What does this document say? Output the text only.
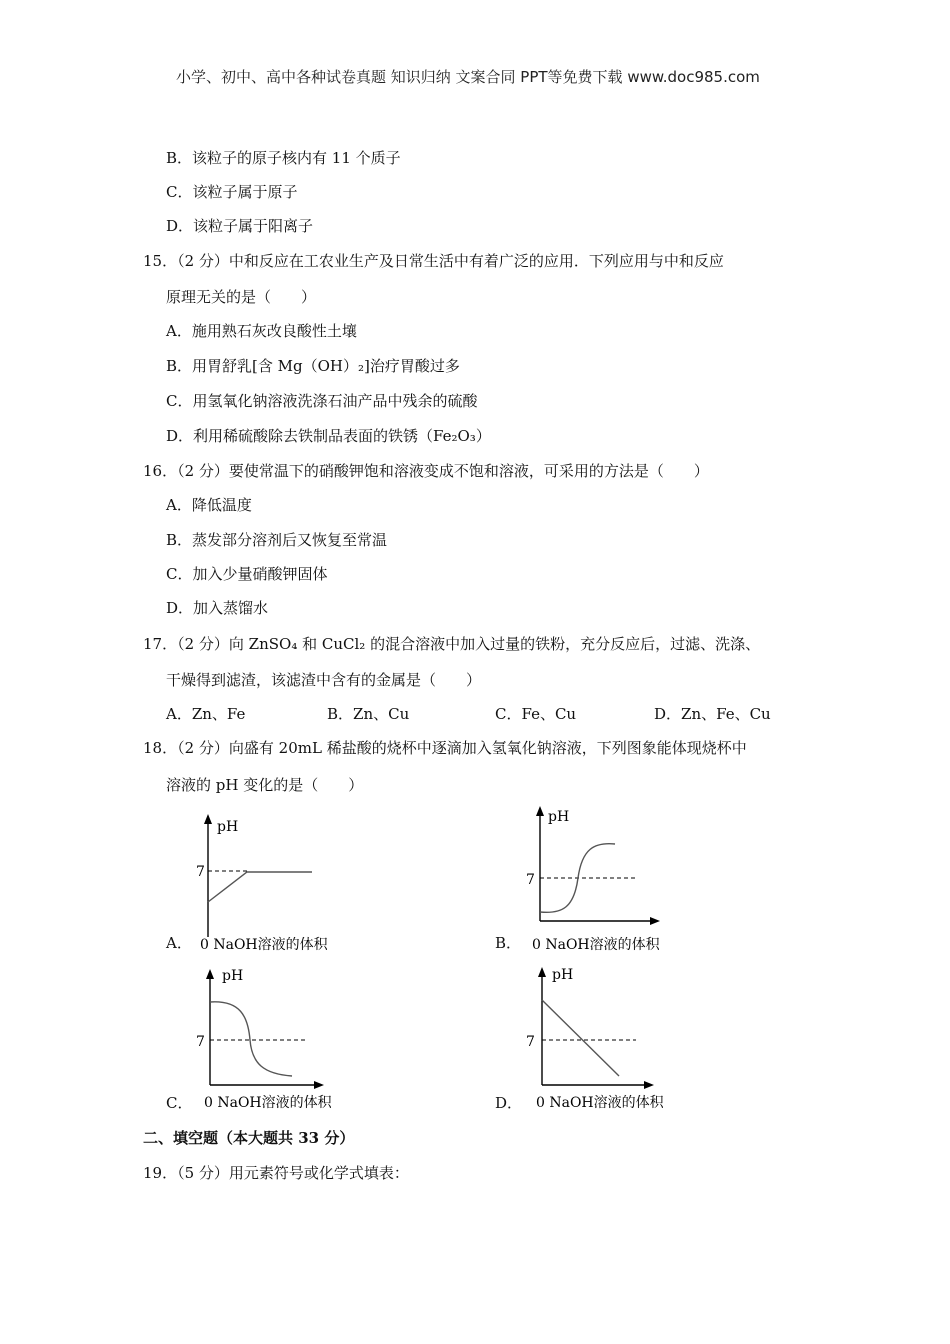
小学、初中、高中各种试卷真题 知识归纳 文案合同 PPT等免费下载 www.doc985.com
B．该粒子的原子核内有 11 个质子
C．该粒子属于原子
D．该粒子属于阳离子
15．（2 分）中和反应在工农业生产及日常生活中有着广泛的应用．下列应用与中和反应
原理无关的是（　　）
A．施用熟石灰改良酸性土壤
B．用胃舒乳[含 Mg（OH）₂]治疗胃酸过多
C．用氢氧化钠溶液洗涤石油产品中残余的硫酸
D．利用稀硫酸除去铁制品表面的铁锈（Fe₂O₃）
16．（2 分）要使常温下的硝酸钾饱和溶液变成不饱和溶液，可采用的方法是（　　）
A．降低温度
B．蒸发部分溶剂后又恢复至常温
C．加入少量硝酸钾固体
D．加入蒸馏水
17．（2 分）向 ZnSO₄ 和 CuCl₂ 的混合溶液中加入过量的铁粉，充分反应后，过滤、洗涤、
干燥得到滤渣，该滤渣中含有的金属是（　　）
A．Zn、Fe	B．Zn、Cu	C．Fe、Cu	D．Zn、Fe、Cu
18．（2 分）向盛有 20mL 稀盐酸的烧杯中逐滴加入氢氧化钠溶液，下列图象能体现烧杯中
溶液的 pH 变化的是（　　）
A．	B．
C．	D．
pH
7
0 NaOH溶液的体积
pH
7
0 NaOH溶液的体积
pH
7
0 NaOH溶液的体积
pH
7
0 NaOH溶液的体积
二、填空题（本大题共 33 分）
19．（5 分）用元素符号或化学式填表：
